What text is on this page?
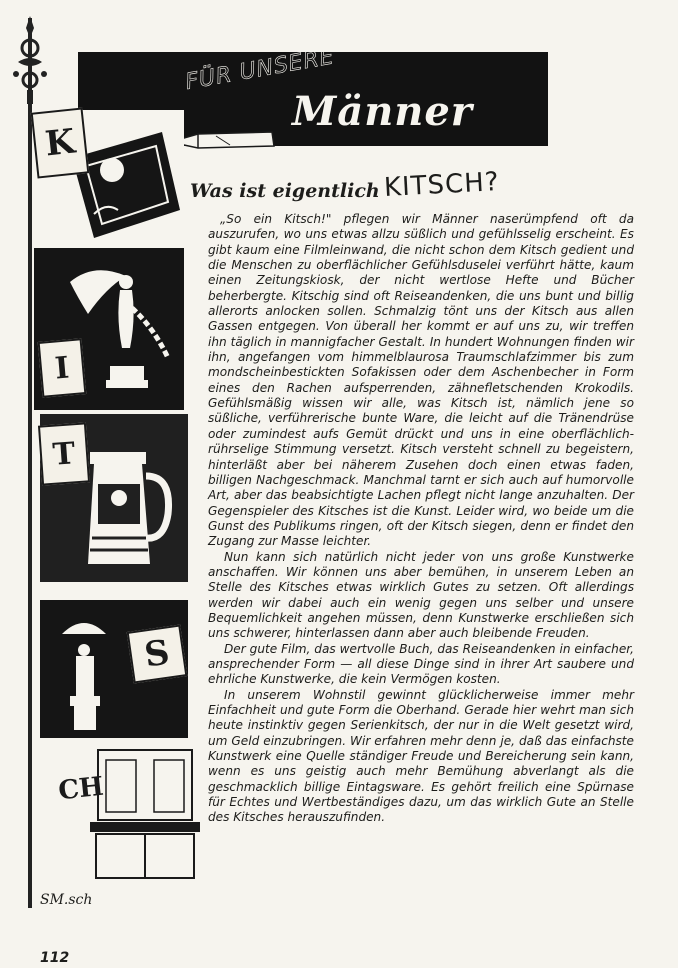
FÜR UNSERE
Männer
K
I
T
S
CH
SM.sch
112
Was ist eigentlich KITSCH?

„So ein Kitsch!" pflegen wir Männer naserümpfend oft da auszurufen, wo uns etwas allzu süßlich und gefühlsselig erscheint. Es gibt kaum eine Filmleinwand, die nicht schon dem Kitsch gedient und die Menschen zu oberflächlicher Gefühlsduselei verführt hätte, kaum einen Zeitungskiosk, der nicht wertlose Hefte und Bücher beherbergte. Kitschig sind oft Reiseandenken, die uns bunt und billig allerorts anlocken sollen. Schmalzig tönt uns der Kitsch aus allen Gassen entgegen. Von überall her kommt er auf uns zu, wir treffen ihn täglich in mannigfacher Gestalt. In hundert Wohnungen finden wir ihn, angefangen vom himmelblaurosa Traumschlafzimmer bis zum mondscheinbestickten Sofakissen oder dem Aschenbecher in Form eines den Rachen aufsperrenden, zähnefletschenden Krokodils. Gefühlsmäßig wissen wir alle, was Kitsch ist, nämlich jene so süßliche, verführerische bunte Ware, die leicht auf die Tränendrüse oder zumindest aufs Gemüt drückt und uns in eine oberflächlich-rührselige Stimmung versetzt. Kitsch versteht schnell zu begeistern, hinterläßt aber bei näherem Zusehen doch einen etwas faden, billigen Nachgeschmack. Manchmal tarnt er sich auch auf humorvolle Art, aber das beabsichtigte Lachen pflegt nicht lange anzuhalten. Der Gegenspieler des Kitsches ist die Kunst. Leider wird, wo beide um die Gunst des Publikums ringen, oft der Kitsch siegen, denn er findet den Zugang zur Masse leichter.

Nun kann sich natürlich nicht jeder von uns große Kunstwerke anschaffen. Wir können uns aber bemühen, in unserem Leben an Stelle des Kitsches etwas wirklich Gutes zu setzen. Oft allerdings werden wir dabei auch ein wenig gegen uns selber und unsere Bequemlichkeit angehen müssen, denn Kunstwerke erschließen sich uns schwerer, hinterlassen dann aber auch bleibende Freuden.

Der gute Film, das wertvolle Buch, das Reiseandenken in einfacher, ansprechender Form — all diese Dinge sind in ihrer Art saubere und ehrliche Kunstwerke, die kein Vermögen kosten.

In unserem Wohnstil gewinnt glücklicherweise immer mehr Einfachheit und gute Form die Oberhand. Gerade hier wehrt man sich heute instinktiv gegen Serienkitsch, der nur in die Welt gesetzt wird, um Geld einzubringen. Wir erfahren mehr denn je, daß das einfachste Kunstwerk eine Quelle ständiger Freude und Bereicherung sein kann, wenn es uns geistig auch mehr Bemühung abverlangt als die geschmacklich billige Eintagsware. Es gehört freilich eine Spürnase für Echtes und Wertbeständiges dazu, um das wirklich Gute an Stelle des Kitsches herauszufinden.
